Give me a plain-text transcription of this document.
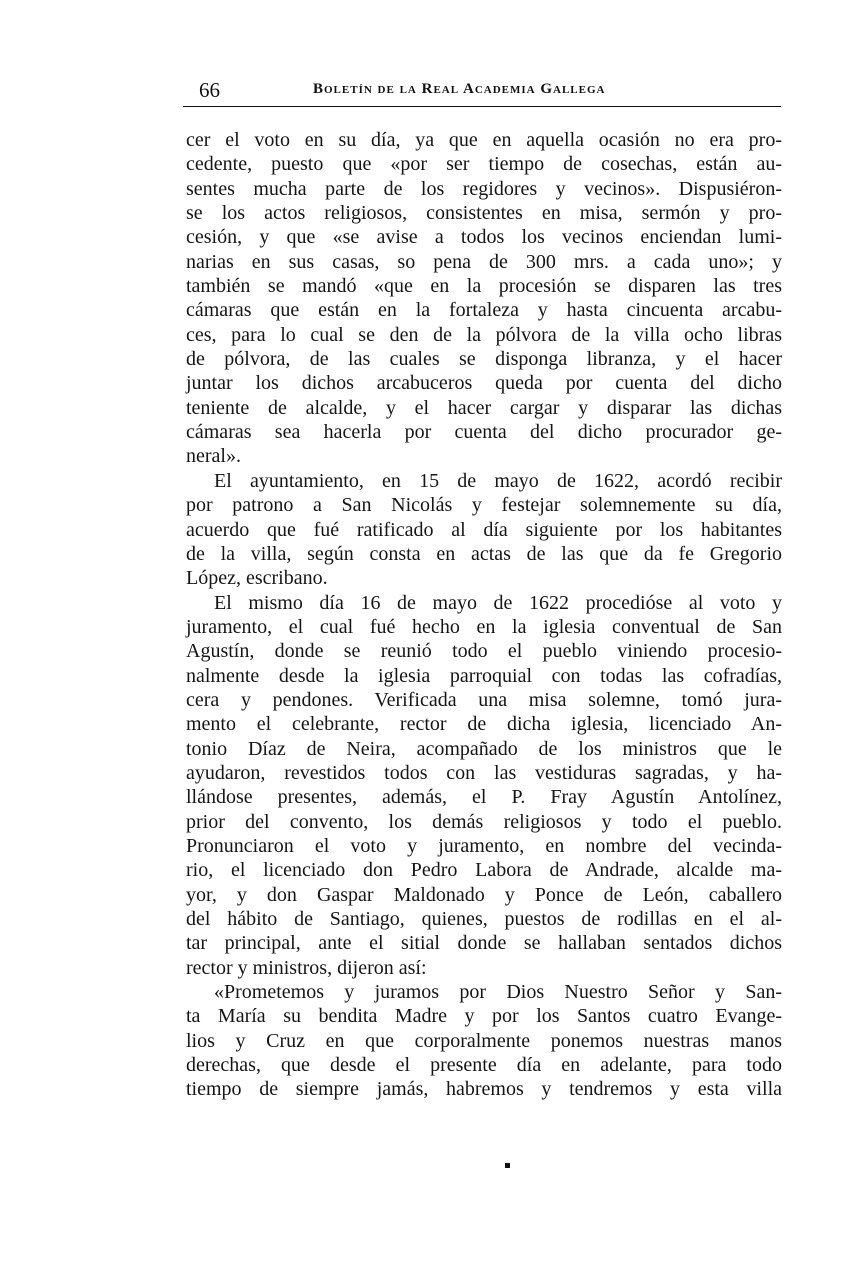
66	Boletín de la Real Academia Gallega
cer el voto en su día, ya que en aquella ocasión no era pro-
cedente, puesto que «por ser tiempo de cosechas, están au-
sentes mucha parte de los regidores y vecinos». Dispusiéron-
se los actos religiosos, consistentes en misa, sermón y pro-
cesión, y que «se avise a todos los vecinos enciendan lumi-
narias en sus casas, so pena de 300 mrs. a cada uno»; y
también se mandó «que en la procesión se disparen las tres
cámaras que están en la fortaleza y hasta cincuenta arcabu-
ces, para lo cual se den de la pólvora de la villa ocho libras
de pólvora, de las cuales se disponga libranza, y el hacer
juntar los dichos arcabuceros queda por cuenta del dicho
teniente de alcalde, y el hacer cargar y disparar las dichas
cámaras sea hacerla por cuenta del dicho procurador ge-
neral».
El ayuntamiento, en 15 de mayo de 1622, acordó recibir
por patrono a San Nicolás y festejar solemnemente su día,
acuerdo que fué ratificado al día siguiente por los habitantes
de la villa, según consta en actas de las que da fe Gregorio
López, escribano.
El mismo día 16 de mayo de 1622 procedióse al voto y
juramento, el cual fué hecho en la iglesia conventual de San
Agustín, donde se reunió todo el pueblo viniendo procesio-
nalmente desde la iglesia parroquial con todas las cofradías,
cera y pendones. Verificada una misa solemne, tomó jura-
mento el celebrante, rector de dicha iglesia, licenciado An-
tonio Díaz de Neira, acompañado de los ministros que le
ayudaron, revestidos todos con las vestiduras sagradas, y ha-
llándose presentes, además, el P. Fray Agustín Antolínez,
prior del convento, los demás religiosos y todo el pueblo.
Pronunciaron el voto y juramento, en nombre del vecinda-
rio, el licenciado don Pedro Labora de Andrade, alcalde ma-
yor, y don Gaspar Maldonado y Ponce de León, caballero
del hábito de Santiago, quienes, puestos de rodillas en el al-
tar principal, ante el sitial donde se hallaban sentados dichos
rector y ministros, dijeron así:
«Prometemos y juramos por Dios Nuestro Señor y San-
ta María su bendita Madre y por los Santos cuatro Evange-
lios y Cruz en que corporalmente ponemos nuestras manos
derechas, que desde el presente día en adelante, para todo
tiempo de siempre jamás, habremos y tendremos y esta villa
